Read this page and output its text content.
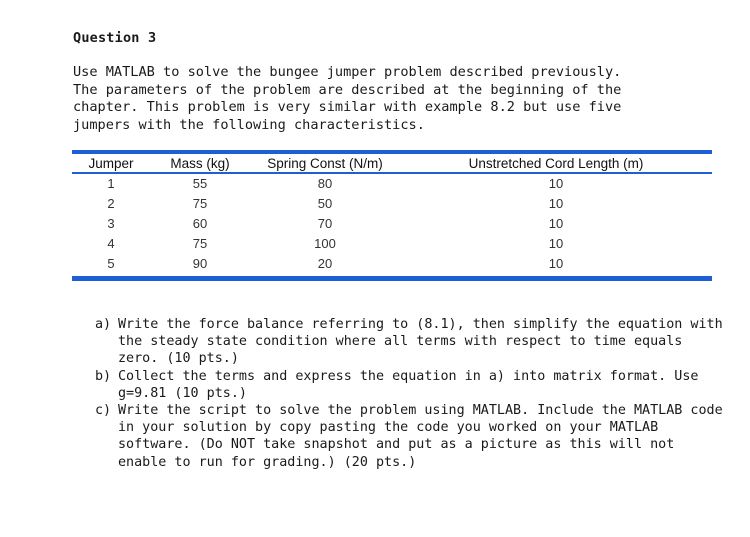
Question 3
Use MATLAB to solve the bungee jumper problem described previously.
The parameters of the problem are described at the beginning of the
chapter. This problem is very similar with example 8.2 but use five
jumpers with the following characteristics.
Jumper	Mass (kg)	Spring Const (N/m)	Unstretched Cord Length (m)
1	55	80	10
2	75	50	10
3	60	70	10
4	75	100	10
5	90	20	10
a) Write the force balance referring to (8.1), then simplify the equation with the steady state condition where all terms with respect to time equals zero. (10 pts.)
b) Collect the terms and express the equation in a) into matrix format. Use g=9.81 (10 pts.)
c) Write the script to solve the problem using MATLAB. Include the MATLAB code in your solution by copy pasting the code you worked on your MATLAB software. (Do NOT take snapshot and put as a picture as this will not enable to run for grading.) (20 pts.)
